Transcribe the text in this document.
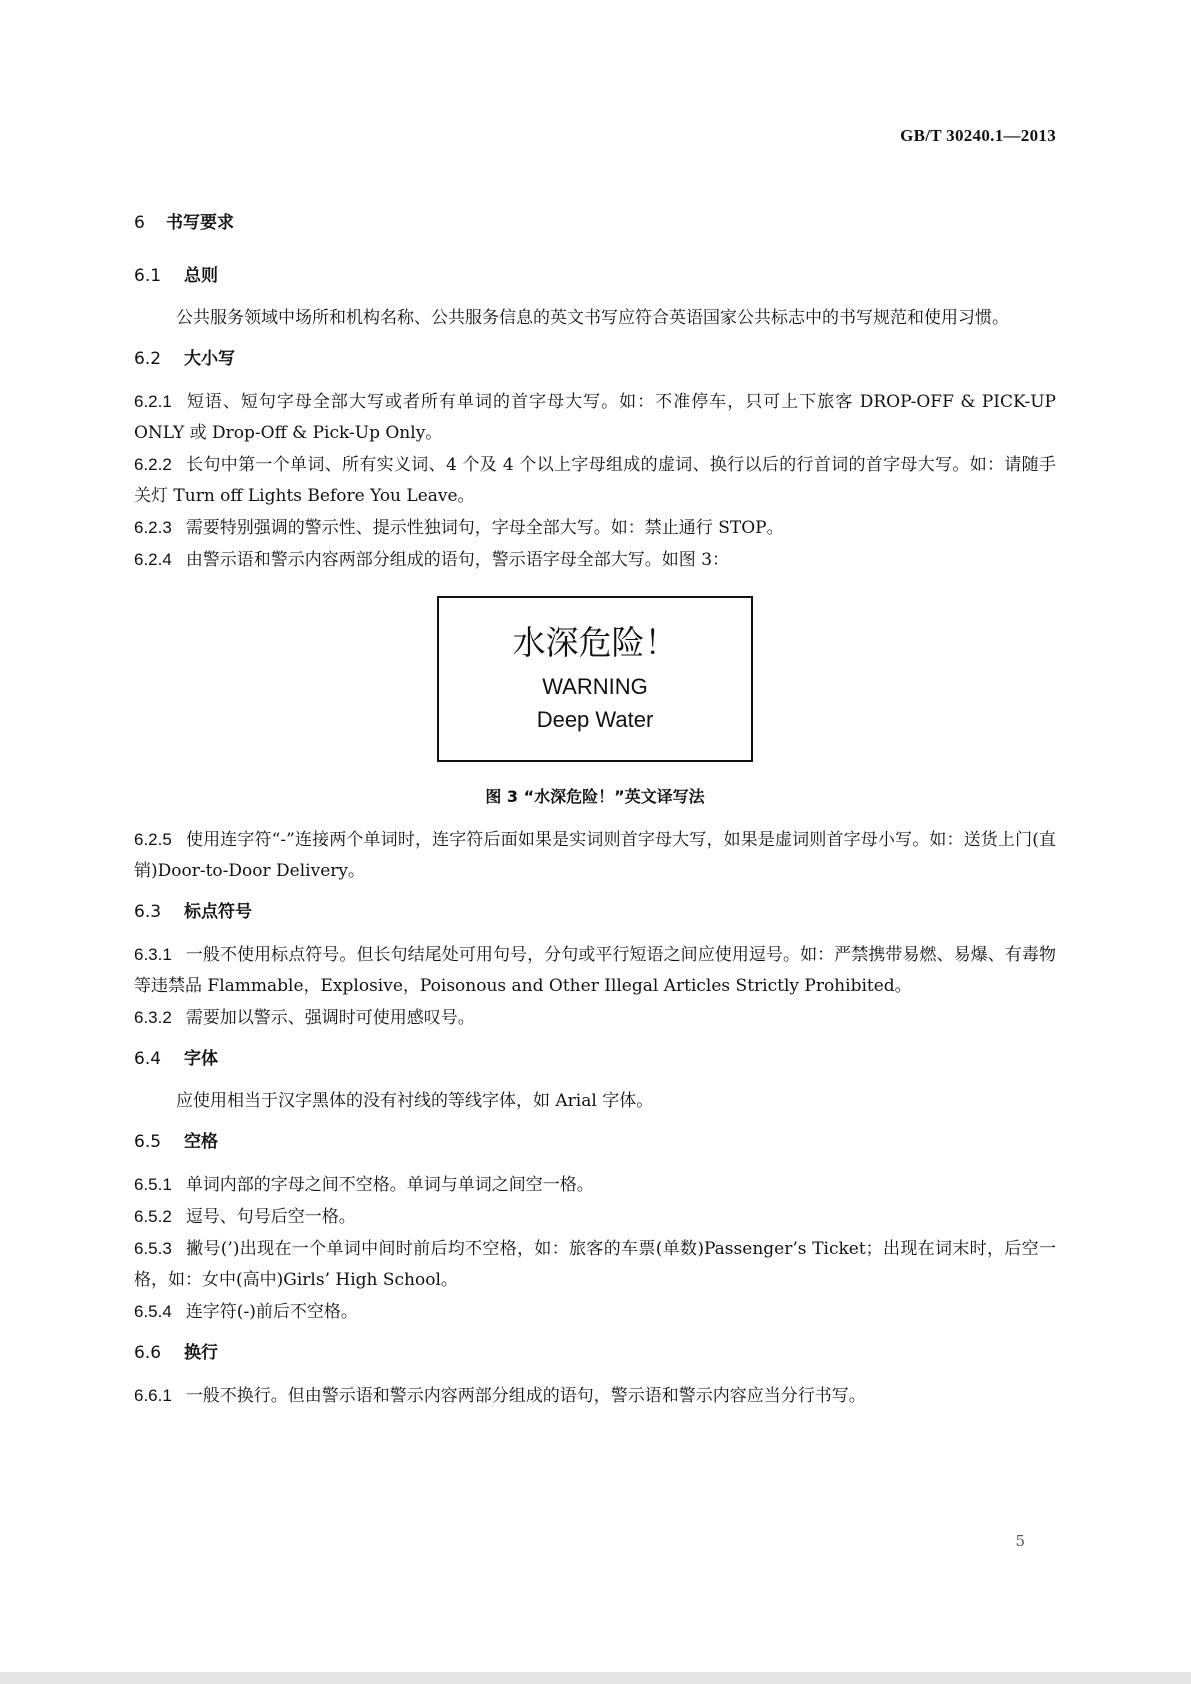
GB/T 30240.1—2013

6 书写要求

6.1 总则

公共服务领域中场所和机构名称、公共服务信息的英文书写应符合英语国家公共标志中的书写规范和使用习惯。

6.2 大小写

6.2.1 短语、短句字母全部大写或者所有单词的首字母大写。如：不准停车，只可上下旅客 DROP-OFF & PICK-UP ONLY 或 Drop-Off & Pick-Up Only。

6.2.2 长句中第一个单词、所有实义词、4 个及 4 个以上字母组成的虚词、换行以后的行首词的首字母大写。如：请随手关灯 Turn off Lights Before You Leave。

6.2.3 需要特别强调的警示性、提示性独词句，字母全部大写。如：禁止通行 STOP。

6.2.4 由警示语和警示内容两部分组成的语句，警示语字母全部大写。如图 3：

水深危险！
WARNING
Deep Water

图 3 “水深危险！”英文译写法

6.2.5 使用连字符“-”连接两个单词时，连字符后面如果是实词则首字母大写，如果是虚词则首字母小写。如：送货上门(直销)Door-to-Door Delivery。

6.3 标点符号

6.3.1 一般不使用标点符号。但长句结尾处可用句号，分句或平行短语之间应使用逗号。如：严禁携带易燃、易爆、有毒物等违禁品 Flammable，Explosive，Poisonous and Other Illegal Articles Strictly Prohibited。

6.3.2 需要加以警示、强调时可使用感叹号。

6.4 字体

应使用相当于汉字黑体的没有衬线的等线字体，如 Arial 字体。

6.5 空格

6.5.1 单词内部的字母之间不空格。单词与单词之间空一格。

6.5.2 逗号、句号后空一格。

6.5.3 撇号(’)出现在一个单词中间时前后均不空格，如：旅客的车票(单数)Passenger’s Ticket；出现在词末时，后空一格，如：女中(高中)Girls’ High School。

6.5.4 连字符(-)前后不空格。

6.6 换行

6.6.1 一般不换行。但由警示语和警示内容两部分组成的语句，警示语和警示内容应当分行书写。

5
